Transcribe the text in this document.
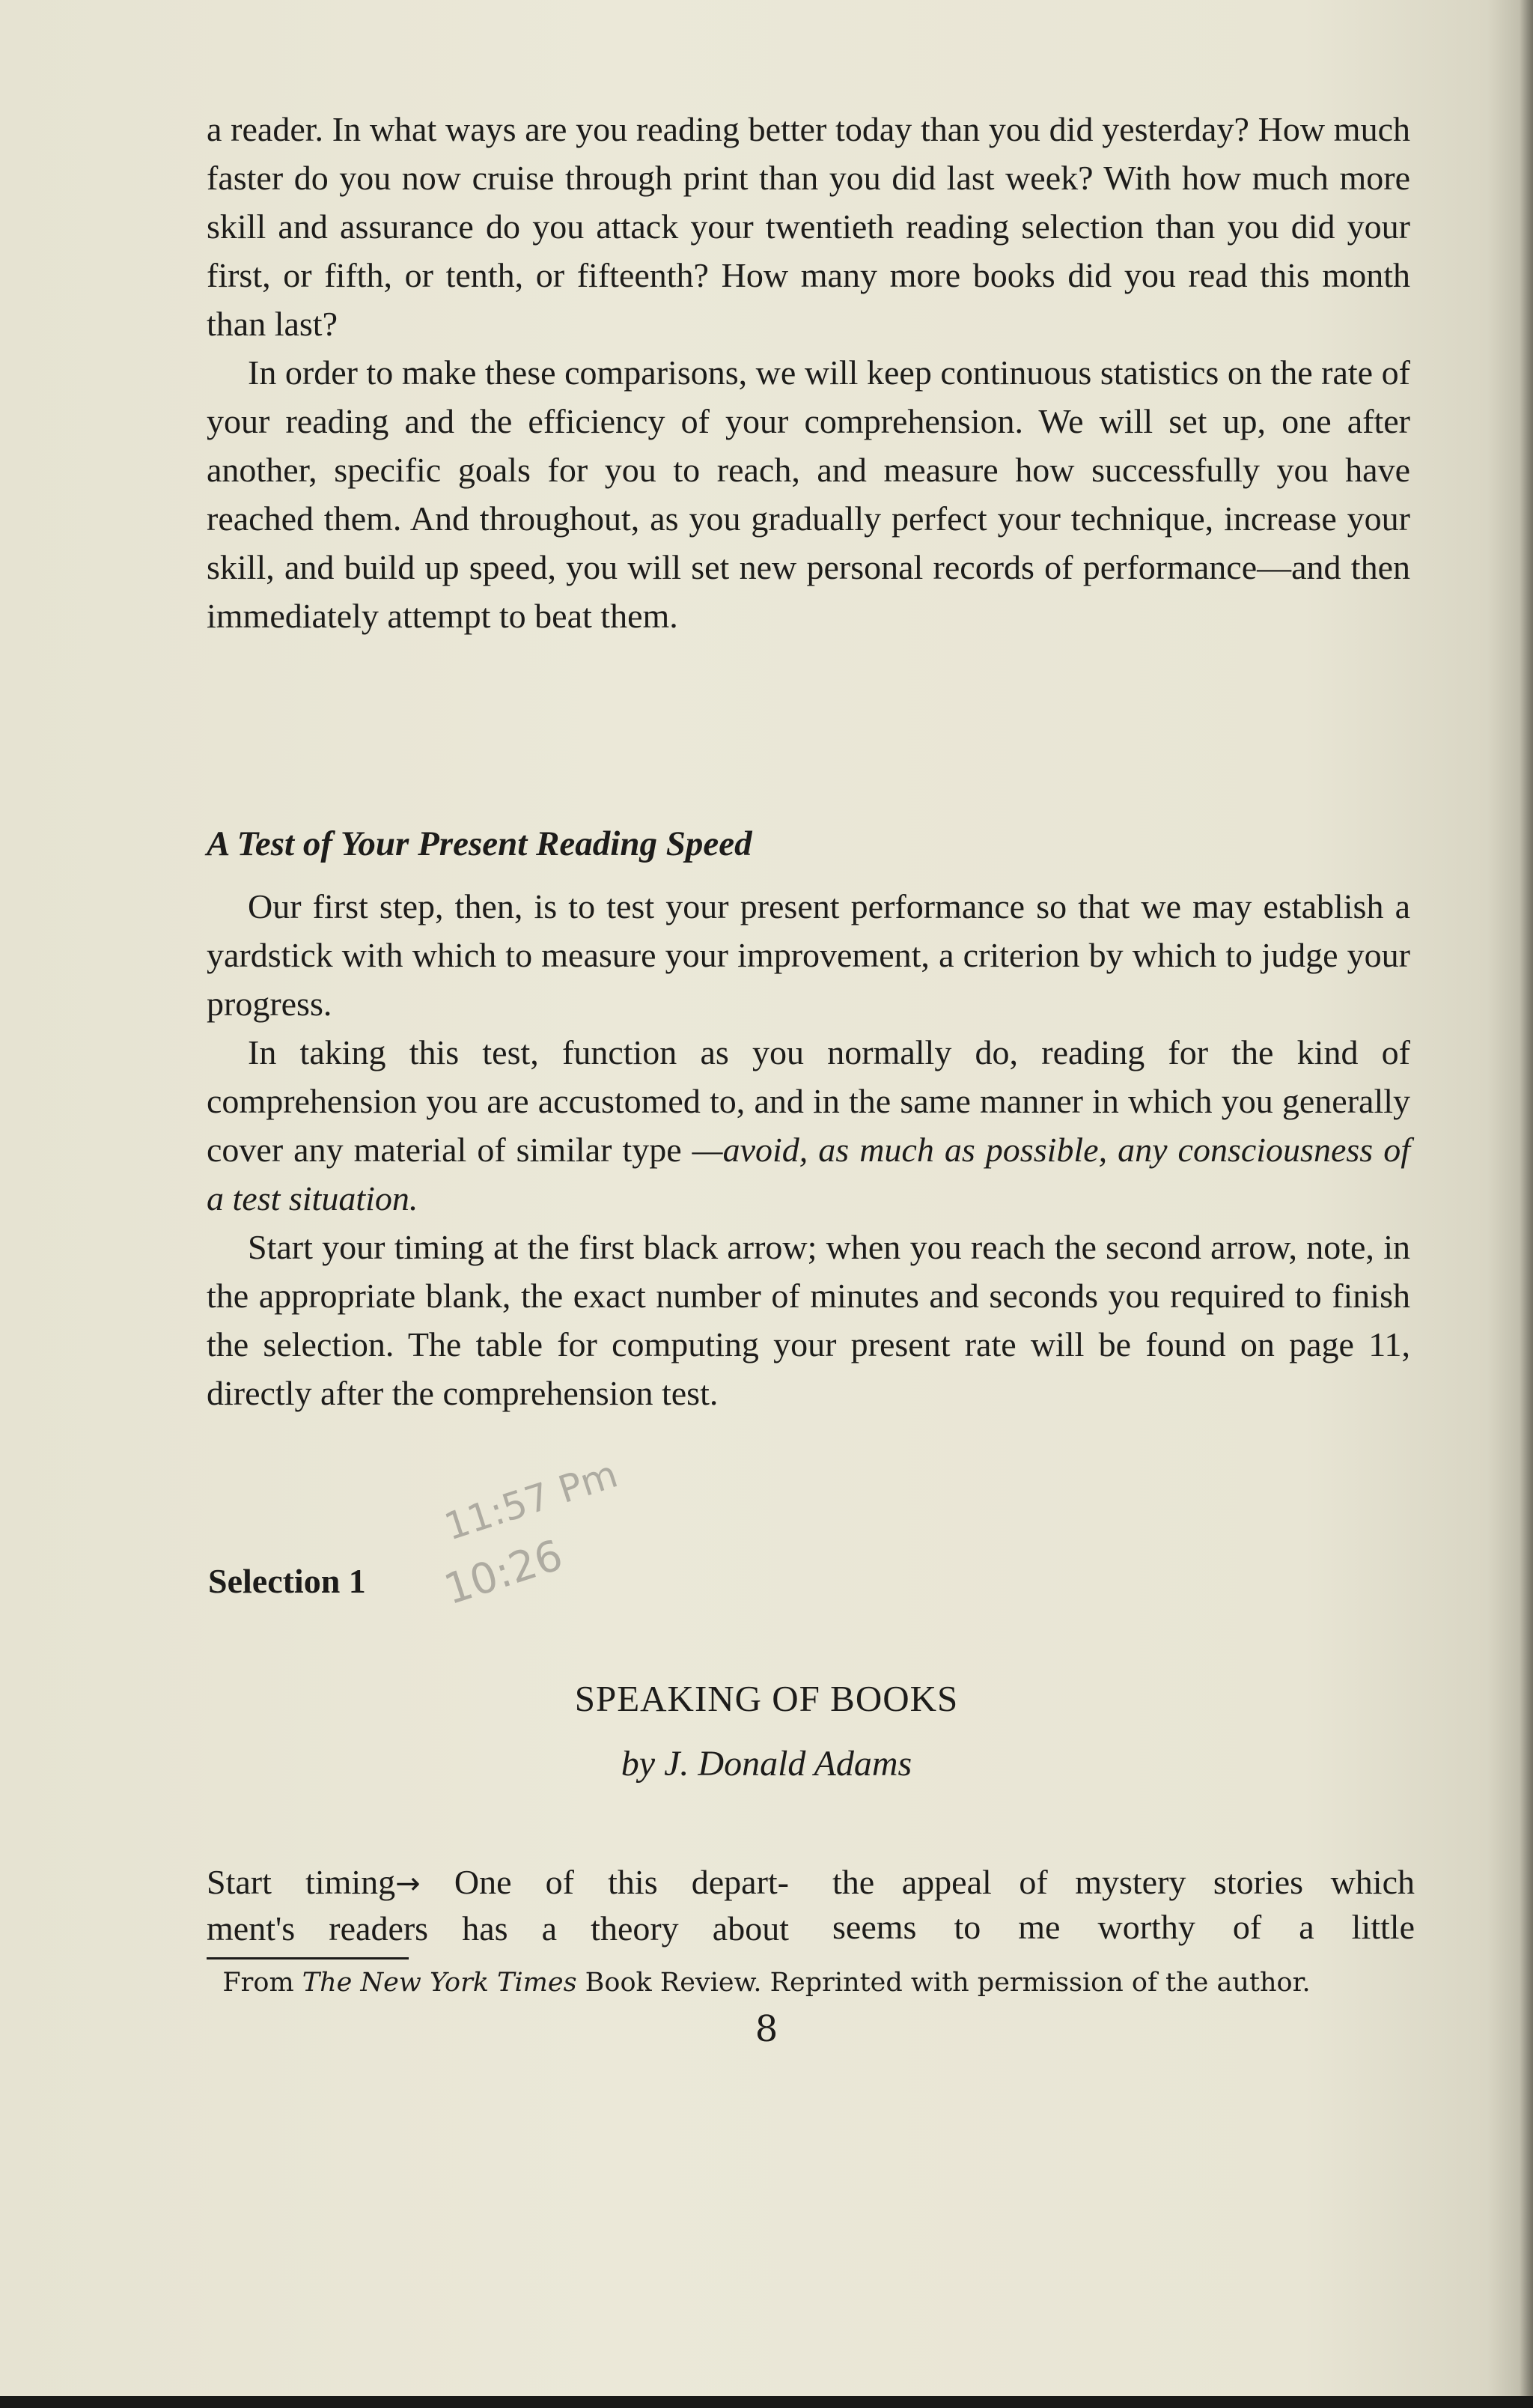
a reader. In what ways are you reading better today than you did yesterday? How much faster do you now cruise through print than you did last week? With how much more skill and assurance do you attack your twentieth reading selection than you did your first, or fifth, or tenth, or fifteenth? How many more books did you read this month than last?

In order to make these comparisons, we will keep continuous statistics on the rate of your reading and the efficiency of your comprehension. We will set up, one after another, specific goals for you to reach, and measure how successfully you have reached them. And throughout, as you gradually perfect your technique, increase your skill, and build up speed, you will set new personal records of performance—and then immediately attempt to beat them.

A Test of Your Present Reading Speed

Our first step, then, is to test your present performance so that we may establish a yardstick with which to measure your improvement, a criterion by which to judge your progress.

In taking this test, function as you normally do, reading for the kind of comprehension you are accustomed to, and in the same manner in which you generally cover any material of similar type —avoid, as much as possible, any consciousness of a test situation.

Start your timing at the first black arrow; when you reach the second arrow, note, in the appropriate blank, the exact number of minutes and seconds you required to finish the selection. The table for computing your present rate will be found on page 11, directly after the comprehension test.

Selection 1
11:57 Pm
10:26
SPEAKING OF BOOKS
by J. Donald Adams
Start timing→ One of this depart-
ment's readers has a theory about
the appeal of mystery stories which
seems to me worthy of a little
From The New York Times Book Review. Reprinted with permission of the author.
8
